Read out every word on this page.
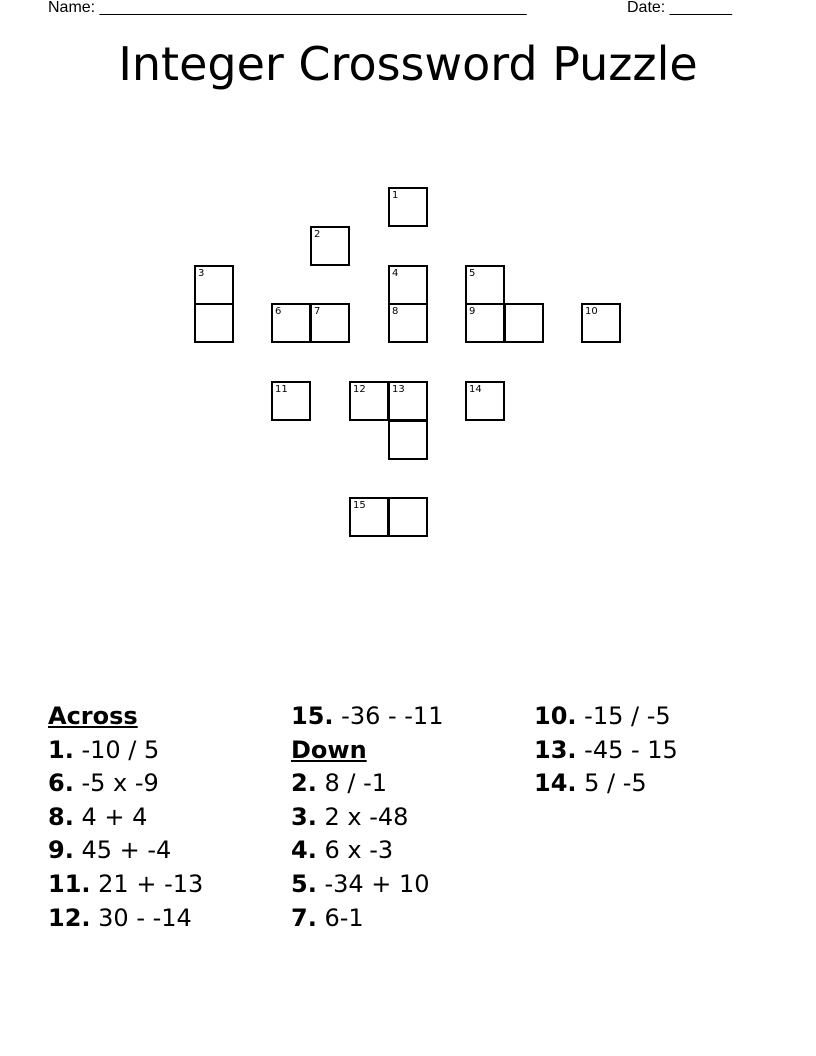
Name: ________________________________________________	Date: _______
Integer Crossword Puzzle
1
2
3	4	5
6	7	8	9	10
11	12	13	14
15
Across
1. -10 / 5
6. -5 x -9
8. 4 + 4
9. 45 + -4
11. 21 + -13
12. 30 - -14
15. -36 - -11
Down
2. 8 / -1
3. 2 x -48
4. 6 x -3
5. -34 + 10
7. 6-1
10. -15 / -5
13. -45 - 15
14. 5 / -5
